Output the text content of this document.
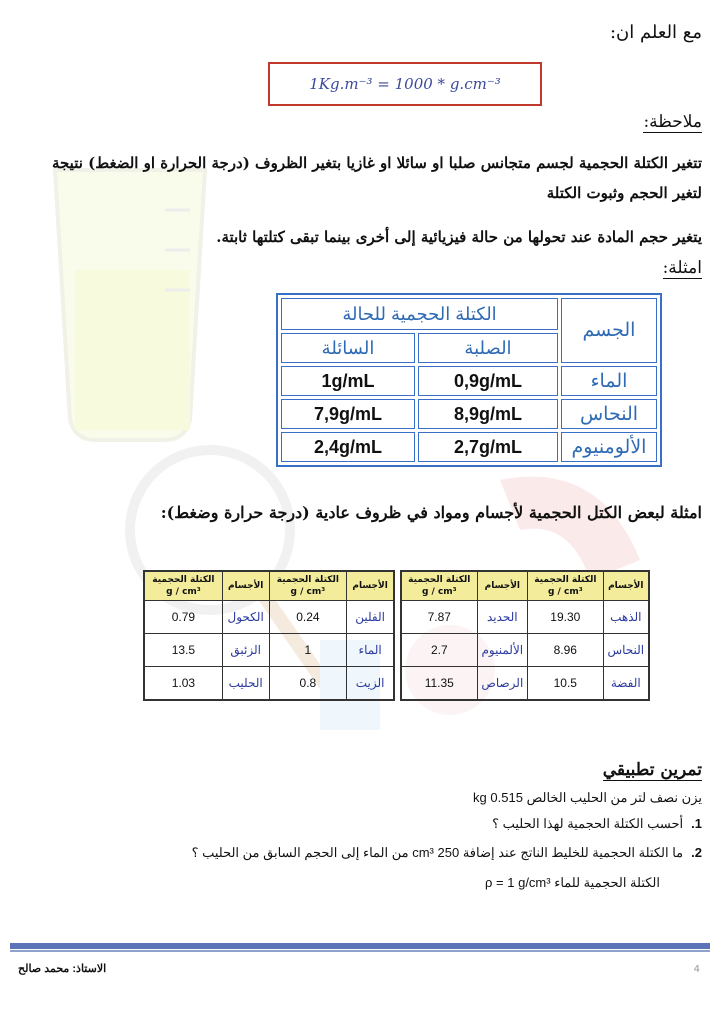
مع العلم ان:
1Kg.m⁻³ = 1000 * g.cm⁻³
ملاحظة:
تتغير الكتلة الحجمية لجسم متجانس صلبا او سائلا او غازيا بتغير الظروف (درجة الحرارة او الضغط) نتيجة لتغير الحجم وثبوت الكتلة
يتغير حجم المادة عند تحولها من حالة فيزيائية إلى أخرى بينما تبقى كتلتها ثابتة.
امثلة:
الجسم	الكتلة الحجمية للحالة	
	الصلبة	السائلة
الماء	0,9g/mL	1g/mL
النحاس	8,9g/mL	7,9g/mL
الألومنيوم	2,7g/mL	2,4g/mL
امثلة لبعض الكتل الحجمية لأجسام ومواد في ظروف عادية (درجة حرارة وضغط):
الأجسام	الكتلة الحجمية
g / cm³	الأجسام	الكتلة الحجمية
g / cm³
الذهب	19.30	الحديد	7.87
النحاس	8.96	الألمنيوم	2.7
الفضة	10.5	الرصاص	11.35
الأجسام	الكتلة الحجمية
g / cm³	الأجسام	الكتلة الحجمية
g / cm³
الفلين	0.24	الكحول	0.79
الماء	1	الزئبق	13.5
الزيت	0.8	الحليب	1.03
تمرين تطبيقي
يزن نصف لتر من الحليب الخالص 0.515 kg
1.أحسب الكتلة الحجمية لهذا الحليب ؟
2.ما الكتلة الحجمية للخليط الناتج عند إضافة 250 cm³ من الماء إلى الحجم السابق من الحليب ؟
الكتلة الحجمية للماء ρ = 1 g/cm³
الاستاذ: محمد صالح	4
